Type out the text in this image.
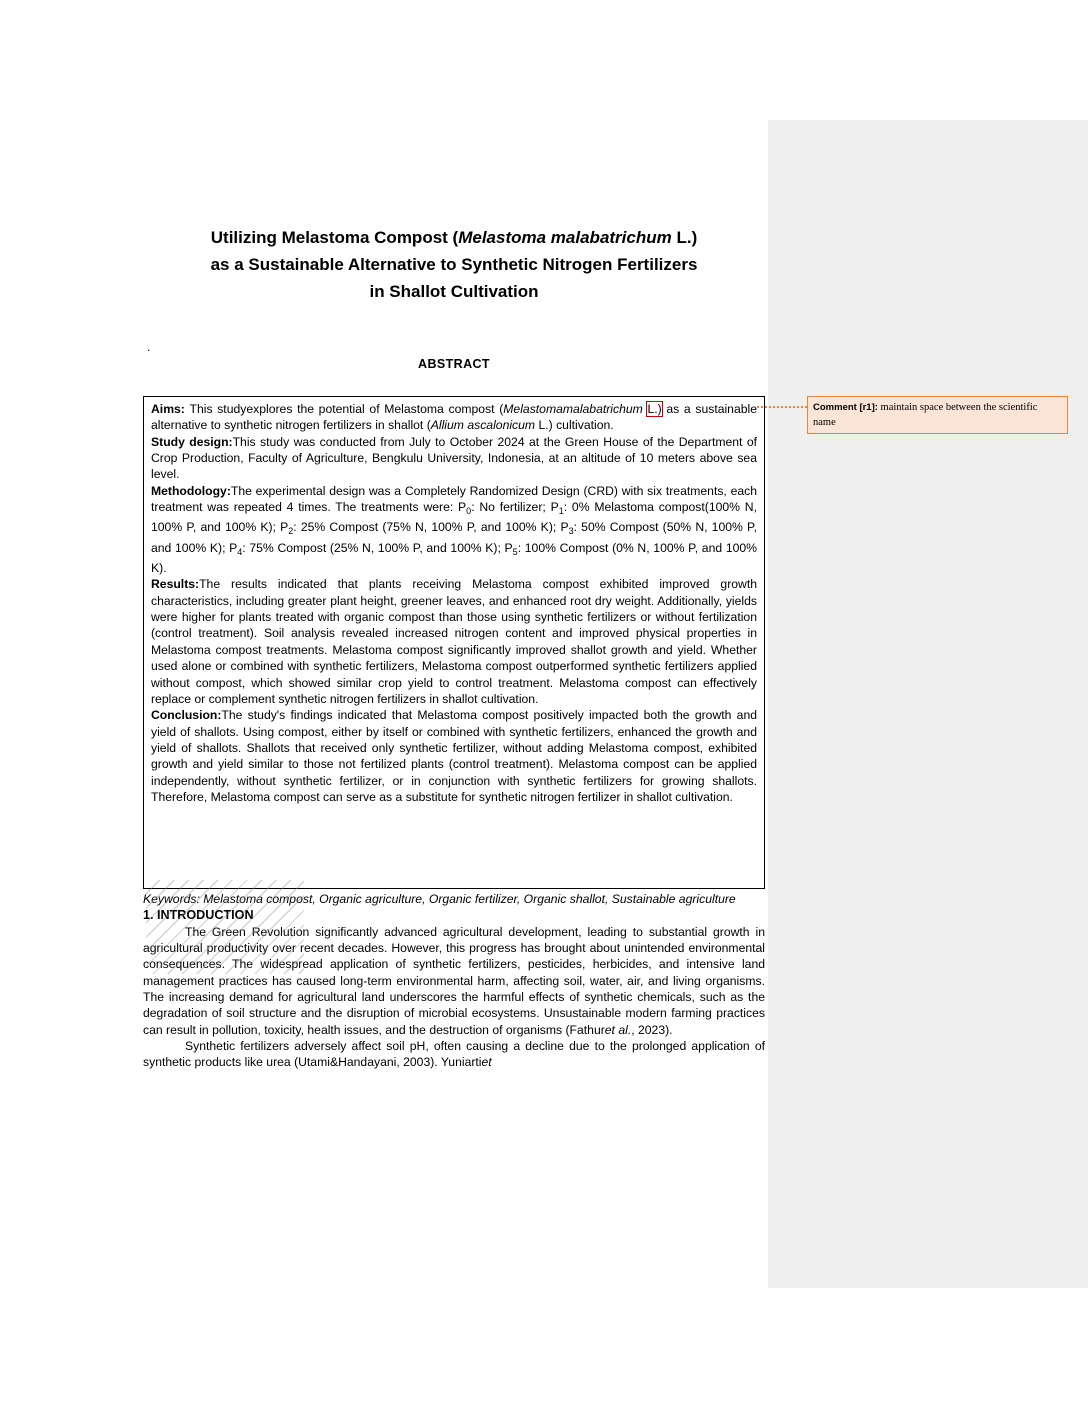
Utilizing Melastoma Compost (Melastoma malabatrichum L.)
as a Sustainable Alternative to Synthetic Nitrogen Fertilizers
in Shallot Cultivation
.
ABSTRACT

Aims: This studyexplores the potential of Melastoma compost (Melastomamalabatrichum L.) as a sustainable alternative to synthetic nitrogen fertilizers in shallot (Allium ascalonicum L.) cultivation.

Study design:This study was conducted from July to October 2024 at the Green House of the Department of Crop Production, Faculty of Agriculture, Bengkulu University, Indonesia, at an altitude of 10 meters above sea level.

Methodology:The experimental design was a Completely Randomized Design (CRD) with six treatments, each treatment was repeated 4 times. The treatments were: $P_0$: No fertilizer; $P_1$: 0% Melastoma compost(100% N, 100% P, and 100% K); $P_2$: 25% Compost (75% N, 100% P, and 100% K); $P_3$: 50% Compost (50% N, 100% P, and 100% K); $P_4$: 75% Compost (25% N, 100% P, and 100% K); $P_5$: 100% Compost (0% N, 100% P, and 100% K).

Results:The results indicated that plants receiving Melastoma compost exhibited improved growth characteristics, including greater plant height, greener leaves, and enhanced root dry weight. Additionally, yields were higher for plants treated with organic compost than those using synthetic fertilizers or without fertilization (control treatment). Soil analysis revealed increased nitrogen content and improved physical properties in Melastoma compost treatments. Melastoma compost significantly improved shallot growth and yield. Whether used alone or combined with synthetic fertilizers, Melastoma compost outperformed synthetic fertilizers applied without compost, which showed similar crop yield to control treatment. Melastoma compost can effectively replace or complement synthetic nitrogen fertilizers in shallot cultivation.

Conclusion:The study's findings indicated that Melastoma compost positively impacted both the growth and yield of shallots. Using compost, either by itself or combined with synthetic fertilizers, enhanced the growth and yield of shallots. Shallots that received only synthetic fertilizer, without adding Melastoma compost, exhibited growth and yield similar to those not fertilized plants (control treatment). Melastoma compost can be applied independently, without synthetic fertilizer, or in conjunction with synthetic fertilizers for growing shallots. Therefore, Melastoma compost can serve as a substitute for synthetic nitrogen fertilizer in shallot cultivation.

Keywords: Melastoma compost, Organic agriculture, Organic fertilizer, Organic shallot, Sustainable agriculture

1. INTRODUCTION

The Green Revolution significantly advanced agricultural development, leading to substantial growth in agricultural productivity over recent decades. However, this progress has brought about unintended environmental consequences. The widespread application of synthetic fertilizers, pesticides, herbicides, and intensive land management practices has caused long-term environmental harm, affecting soil, water, air, and living organisms. The increasing demand for agricultural land underscores the harmful effects of synthetic chemicals, such as the degradation of soil structure and the disruption of microbial ecosystems. Unsustainable modern farming practices can result in pollution, toxicity, health issues, and the destruction of organisms (Fathuret al., 2023).

Synthetic fertilizers adversely affect soil pH, often causing a decline due to the prolonged application of synthetic products like urea (Utami&Handayani, 2003). Yuniartiet

Comment [r1]: maintain space between the scientific name
